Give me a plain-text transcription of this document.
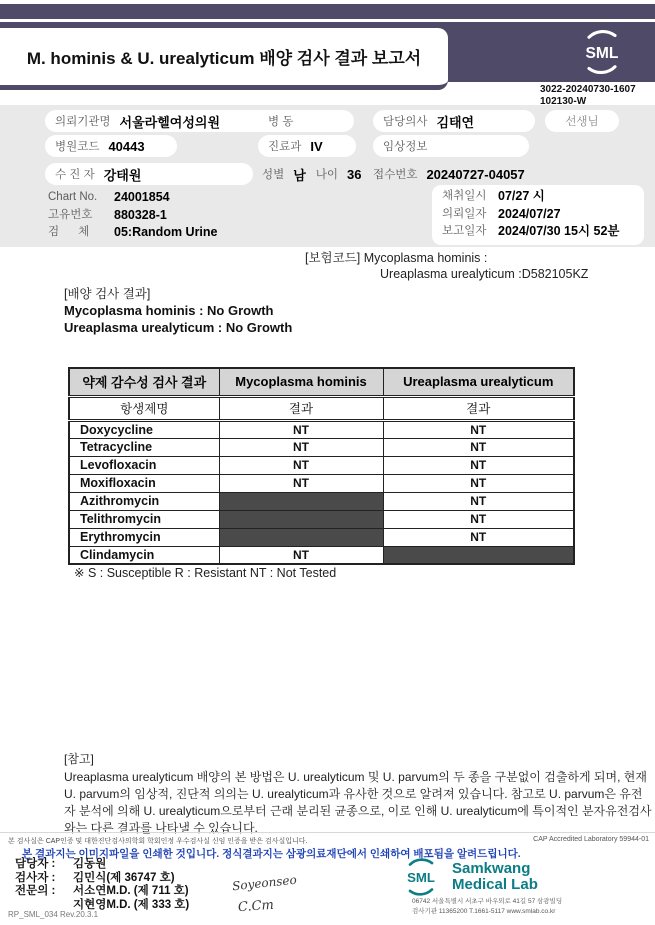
M. hominis & U. urealyticum 배양 검사 결과 보고서	SML
3022-20240730-1607
102130-W
의뢰기관명 서울라헬여성의원	병 동	담당의사 김태연	선생님
병원코드 40443	진료과 IV	임상정보
수 진 자 강태원	성별 남 나이 36 접수번호 20240727-04057
Chart No.	24001854
고유번호	880328-1
검      체	05:Random Urine
채취일시 07/27 시
의뢰일자 2024/07/27
보고일자 2024/07/30 15시 52분
[보험코드] Mycoplasma hominis :
Ureaplasma urealyticum :D582105KZ
[배양 검사 결과]
Mycoplasma hominis : No Growth
Ureaplasma urealyticum : No Growth
약제 감수성 검사 결과	Mycoplasma hominis	Ureaplasma urealyticum
항생제명	결과	결과
Doxycycline	NT	NT
Tetracycline	NT	NT
Levofloxacin	NT	NT
Moxifloxacin	NT	NT
Azithromycin		NT
Telithromycin		NT
Erythromycin		NT
Clindamycin	NT	
※ S : Susceptible R : Resistant NT : Not Tested
[참고]
Ureaplasma urealyticum 배양의 본 방법은 U. urealyticum 및 U. parvum의 두 종을 구분없이 검출하게 되며, 현재 U. parvum의 임상적, 진단적 의의는 U. urealyticum과 유사한 것으로 알려져 있습니다. 참고로 U. parvum은 유전자 분석에 의해 U. urealyticum으로부터 근래 분리된 균종으로, 이로 인해 U. urealyticum에 특이적인 분자유전검사와는 다른 결과를 나타낼 수 있습니다.
본 검사실은 CAP인증 및 대한진단검사의학회 학회인정 우수검사실 신임 인증을 받은 검사실입니다.	CAP Accredited Laboratory 59944-01
본 결과지는 이미지파일을 인쇄한 것입니다. 정식결과지는 삼광의료재단에서 인쇄하여 배포됨을 알려드립니다.
담당자 :	김동원
검사자 :	김민식(제 36747 호)
전문의 :	서소연M.D. (제 711 호)
지현영M.D. (제 333 호)
Soyeonseo
C.Cm
RP_SML_034 Rev.20.3.1
SML
Samkwang
Medical Lab
06742 서울특별시 서초구 바우뫼로 41길 57 삼광빌딩
검사기관 11365200 T.1661-5117 www.smlab.co.kr
